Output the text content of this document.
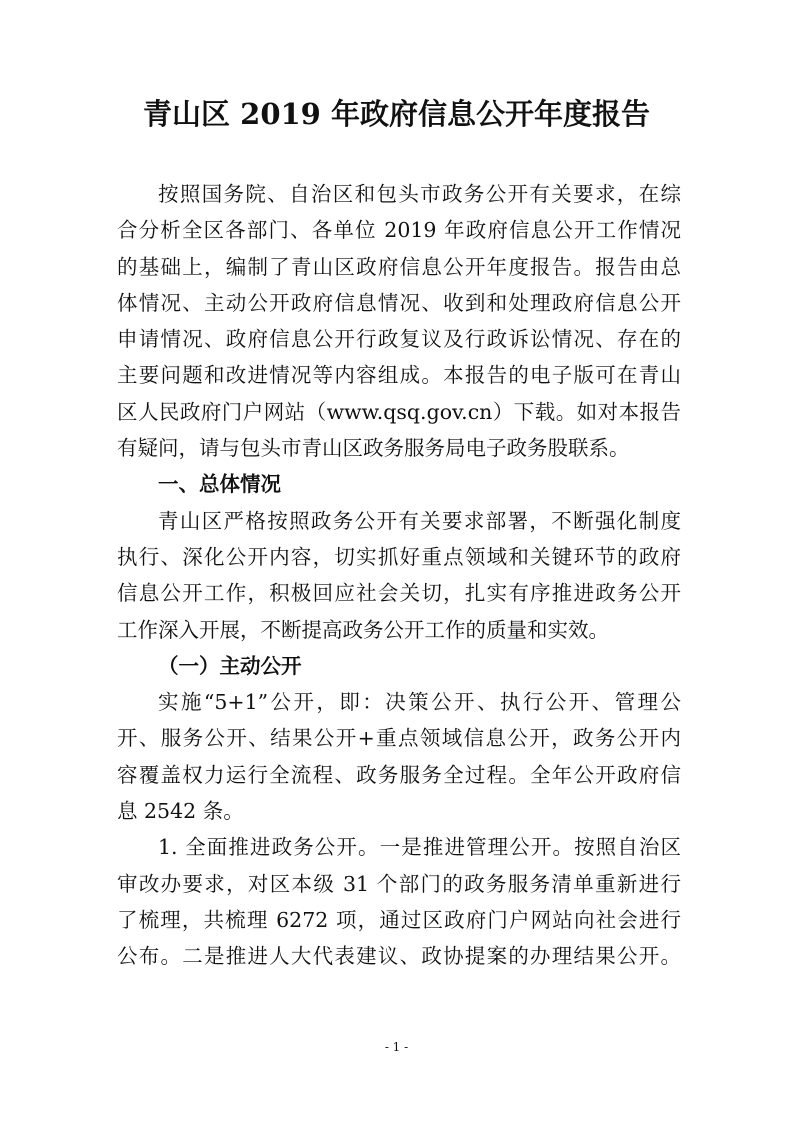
青山区 2019 年政府信息公开年度报告
按照国务院、自治区和包头市政务公开有关要求，在综
合分析全区各部门、各单位 2019 年政府信息公开工作情况
的基础上，编制了青山区政府信息公开年度报告。报告由总
体情况、主动公开政府信息情况、收到和处理政府信息公开
申请情况、政府信息公开行政复议及行政诉讼情况、存在的
主要问题和改进情况等内容组成。本报告的电子版可在青山
区人民政府门户网站（www.qsq.gov.cn）下载。如对本报告
有疑问，请与包头市青山区政务服务局电子政务股联系。
一、总体情况
青山区严格按照政务公开有关要求部署，不断强化制度
执行、深化公开内容，切实抓好重点领域和关键环节的政府
信息公开工作，积极回应社会关切，扎实有序推进政务公开
工作深入开展，不断提高政务公开工作的质量和实效。
（一）主动公开
实施“5+1”公开，即：决策公开、执行公开、管理公
开、服务公开、结果公开+重点领域信息公开，政务公开内
容覆盖权力运行全流程、政务服务全过程。全年公开政府信
息 2542 条。
1. 全面推进政务公开。一是推进管理公开。按照自治区
审改办要求，对区本级 31 个部门的政务服务清单重新进行
了梳理，共梳理 6272 项，通过区政府门户网站向社会进行
公布。二是推进人大代表建议、政协提案的办理结果公开。
- 1 -
